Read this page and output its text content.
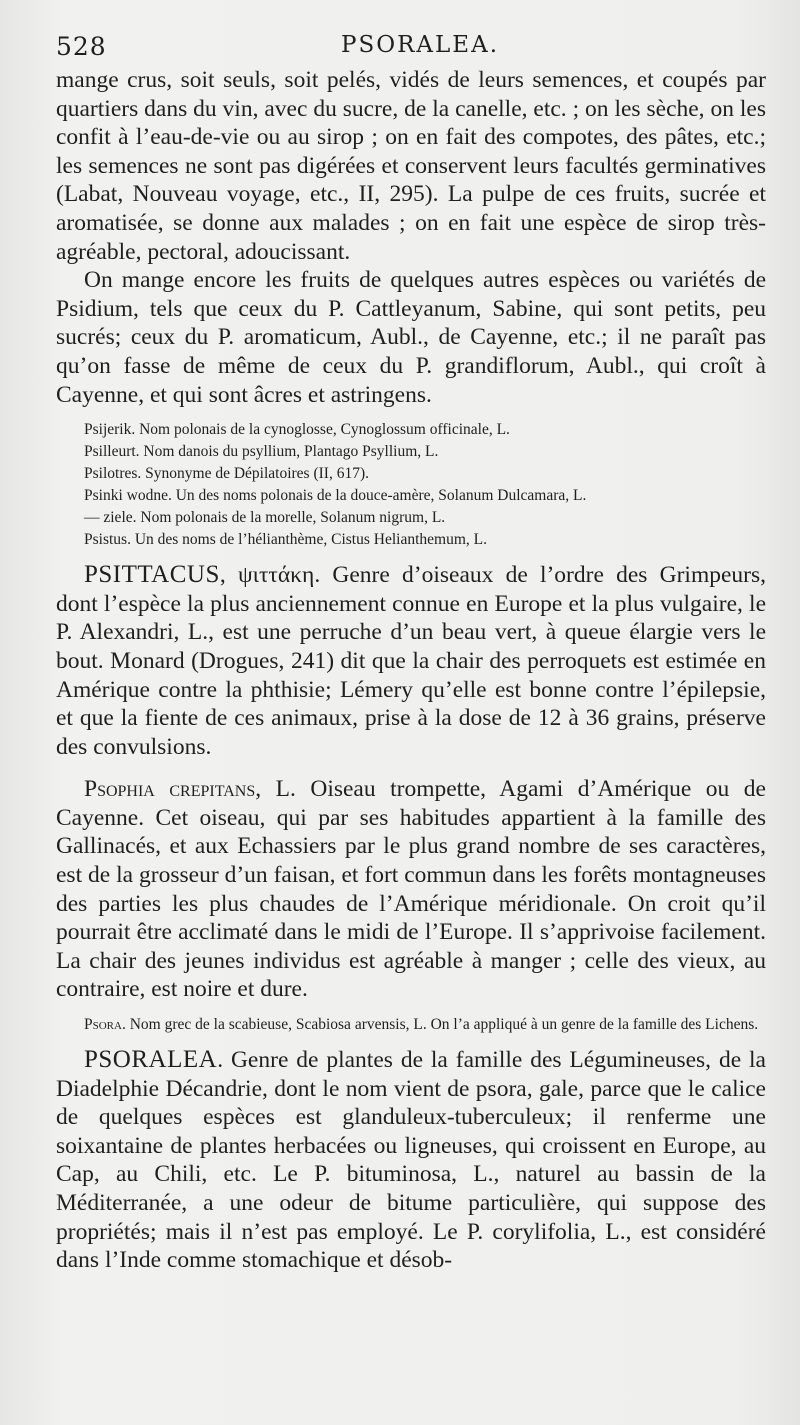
528	PSORALEA.

mange crus, soit seuls, soit pelés, vidés de leurs semences, et coupés par quartiers dans du vin, avec du sucre, de la canelle, etc. ; on les sèche, on les confit à l’eau-de-vie ou au sirop ; on en fait des compotes, des pâtes, etc.; les semences ne sont pas digérées et conservent leurs facultés germinatives (Labat, Nouveau voyage, etc., II, 295). La pulpe de ces fruits, sucrée et aromatisée, se donne aux malades ; on en fait une espèce de sirop très-agréable, pectoral, adoucissant.

On mange encore les fruits de quelques autres espèces ou variétés de Psidium, tels que ceux du P. Cattleyanum, Sabine, qui sont petits, peu sucrés; ceux du P. aromaticum, Aubl., de Cayenne, etc.; il ne paraît pas qu’on fasse de même de ceux du P. grandiflorum, Aubl., qui croît à Cayenne, et qui sont âcres et astringens.

Psijerik. Nom polonais de la cynoglosse, Cynoglossum officinale, L.

Psilleurt. Nom danois du psyllium, Plantago Psyllium, L.

Psilotres. Synonyme de Dépilatoires (II, 617).

Psinki wodne. Un des noms polonais de la douce-amère, Solanum Dulcamara, L.

— ziele. Nom polonais de la morelle, Solanum nigrum, L.

Psistus. Un des noms de l’hélianthème, Cistus Helianthemum, L.

PSITTACUS, ψιττάκη. Genre d’oiseaux de l’ordre des Grimpeurs, dont l’espèce la plus anciennement connue en Europe et la plus vulgaire, le P. Alexandri, L., est une perruche d’un beau vert, à queue élargie vers le bout. Monard (Drogues, 241) dit que la chair des perroquets est estimée en Amérique contre la phthisie; Lémery qu’elle est bonne contre l’épilepsie, et que la fiente de ces animaux, prise à la dose de 12 à 36 grains, préserve des convulsions.

Psophia crepitans, L. Oiseau trompette, Agami d’Amérique ou de Cayenne. Cet oiseau, qui par ses habitudes appartient à la famille des Gallinacés, et aux Echassiers par le plus grand nombre de ses caractères, est de la grosseur d’un faisan, et fort commun dans les forêts montagneuses des parties les plus chaudes de l’Amérique méridionale. On croit qu’il pourrait être acclimaté dans le midi de l’Europe. Il s’apprivoise facilement. La chair des jeunes individus est agréable à manger ; celle des vieux, au contraire, est noire et dure.

Psora. Nom grec de la scabieuse, Scabiosa arvensis, L. On l’a appliqué à un genre de la famille des Lichens.

PSORALEA. Genre de plantes de la famille des Légumineuses, de la Diadelphie Décandrie, dont le nom vient de psora, gale, parce que le calice de quelques espèces est glanduleux-tuberculeux; il renferme une soixantaine de plantes herbacées ou ligneuses, qui croissent en Europe, au Cap, au Chili, etc. Le P. bituminosa, L., naturel au bassin de la Méditerranée, a une odeur de bitume particulière, qui suppose des propriétés; mais il n’est pas employé. Le P. corylifolia, L., est considéré dans l’Inde comme stomachique et désob-
